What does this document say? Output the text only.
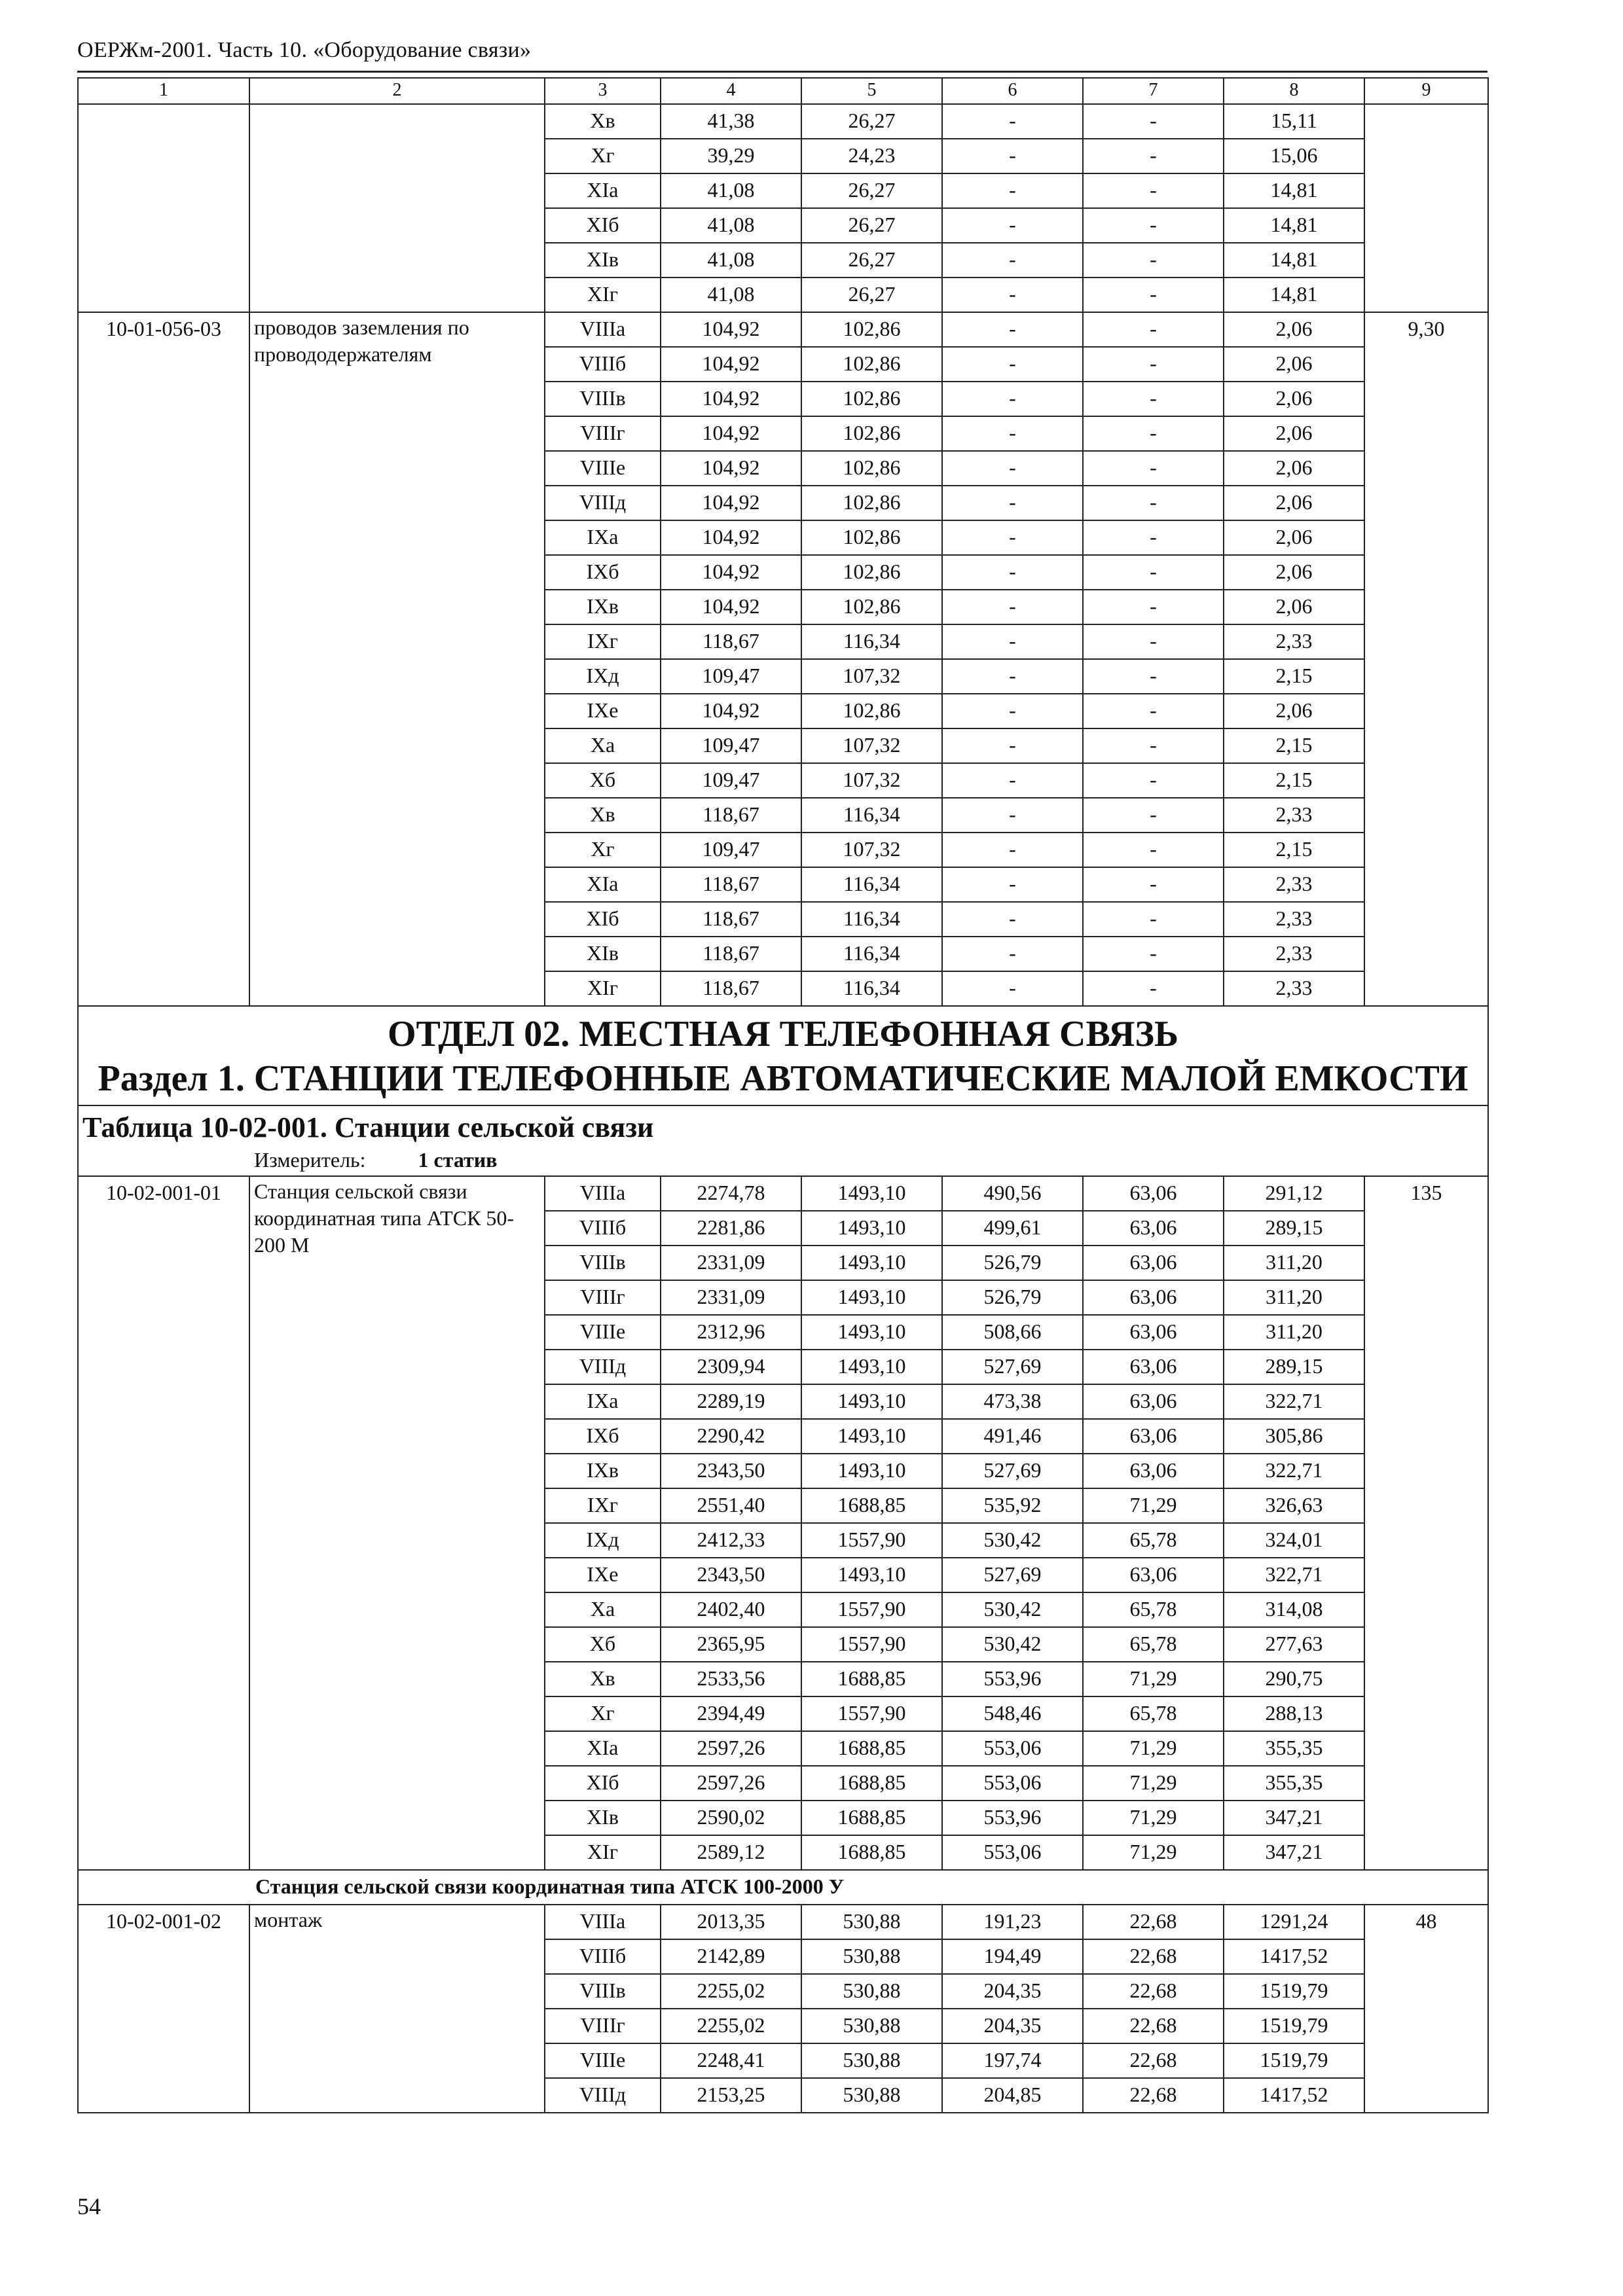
ОЕРЖм-2001. Часть 10. «Оборудование связи»
1	2	3	4	5	6	7	8	9
		Хв	41,38	26,27	-	-	15,11	
		Хг	39,29	24,23	-	-	15,06	
		ХIа	41,08	26,27	-	-	14,81	
		ХIб	41,08	26,27	-	-	14,81	
		ХIв	41,08	26,27	-	-	14,81	
		ХIг	41,08	26,27	-	-	14,81	
10-01-056-03	проводов заземления по провододержателям	VIIIа	104,92	102,86	-	-	2,06	9,30
		VIIIб	104,92	102,86	-	-	2,06	
		VIIIв	104,92	102,86	-	-	2,06	
		VIIIг	104,92	102,86	-	-	2,06	
		VIIIе	104,92	102,86	-	-	2,06	
		VIIIд	104,92	102,86	-	-	2,06	
		IХа	104,92	102,86	-	-	2,06	
		IХб	104,92	102,86	-	-	2,06	
		IХв	104,92	102,86	-	-	2,06	
		IХг	118,67	116,34	-	-	2,33	
		IХд	109,47	107,32	-	-	2,15	
		IХе	104,92	102,86	-	-	2,06	
		Ха	109,47	107,32	-	-	2,15	
		Хб	109,47	107,32	-	-	2,15	
		Хв	118,67	116,34	-	-	2,33	
		Хг	109,47	107,32	-	-	2,15	
		ХIа	118,67	116,34	-	-	2,33	
		ХIб	118,67	116,34	-	-	2,33	
		ХIв	118,67	116,34	-	-	2,33	
		ХIг	118,67	116,34	-	-	2,33	

ОТДЕЛ 02. МЕСТНАЯ ТЕЛЕФОННАЯ СВЯЗЬ
Раздел 1. СТАНЦИИ ТЕЛЕФОННЫЕ АВТОМАТИЧЕСКИЕ МАЛОЙ ЕМКОСТИ								

Таблица 10-02-001. Станции сельской связи
Измеритель: 1 статив								

10-02-001-01	Станция сельской связи координатная типа АТСК 50-200 М	VIIIа	2274,78	1493,10	490,56	63,06	291,12	135
		VIIIб	2281,86	1493,10	499,61	63,06	289,15	
		VIIIв	2331,09	1493,10	526,79	63,06	311,20	
		VIIIг	2331,09	1493,10	526,79	63,06	311,20	
		VIIIе	2312,96	1493,10	508,66	63,06	311,20	
		VIIIд	2309,94	1493,10	527,69	63,06	289,15	
		IХа	2289,19	1493,10	473,38	63,06	322,71	
		IХб	2290,42	1493,10	491,46	63,06	305,86	
		IХв	2343,50	1493,10	527,69	63,06	322,71	
		IХг	2551,40	1688,85	535,92	71,29	326,63	
		IХд	2412,33	1557,90	530,42	65,78	324,01	
		IХе	2343,50	1493,10	527,69	63,06	322,71	
		Ха	2402,40	1557,90	530,42	65,78	314,08	
		Хб	2365,95	1557,90	530,42	65,78	277,63	
		Хв	2533,56	1688,85	553,96	71,29	290,75	
		Хг	2394,49	1557,90	548,46	65,78	288,13	
		ХIа	2597,26	1688,85	553,06	71,29	355,35	
		ХIб	2597,26	1688,85	553,06	71,29	355,35	
		ХIв	2590,02	1688,85	553,96	71,29	347,21	
		ХIг	2589,12	1688,85	553,06	71,29	347,21	
Станция сельской связи координатная типа АТСК 100-2000 У								
10-02-001-02	монтаж	VIIIа	2013,35	530,88	191,23	22,68	1291,24	48
		VIIIб	2142,89	530,88	194,49	22,68	1417,52	
		VIIIв	2255,02	530,88	204,35	22,68	1519,79	
		VIIIг	2255,02	530,88	204,35	22,68	1519,79	
		VIIIе	2248,41	530,88	197,74	22,68	1519,79	
		VIIIд	2153,25	530,88	204,85	22,68	1417,52	
54
